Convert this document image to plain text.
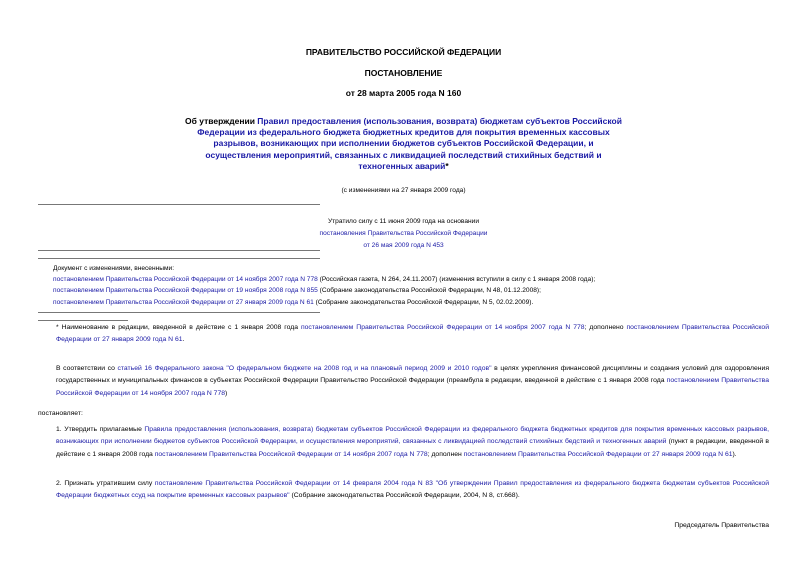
ПРАВИТЕЛЬСТВО РОССИЙСКОЙ ФЕДЕРАЦИИ
ПОСТАНОВЛЕНИЕ
от 28 марта 2005 года N 160
Об утверждении Правил предоставления (использования, возврата) бюджетам субъектов Российской Федерации из федерального бюджета бюджетных кредитов для покрытия временных кассовых разрывов, возникающих при исполнении бюджетов субъектов Российской Федерации, и осуществления мероприятий, связанных с ликвидацией последствий стихийных бедствий и техногенных аварий*
(с изменениями на 27 января 2009 года)
Утратило силу с 11 июня 2009 года на основании
постановления Правительства Российской Федерации
от 26 мая 2009 года N 453
Документ с изменениями, внесенными:
постановлением Правительства Российской Федерации от 14 ноября 2007 года N 778 (Российская газета, N 264, 24.11.2007) (изменения вступили в силу с 1 января 2008 года);
постановлением Правительства Российской Федерации от 19 ноября 2008 года N 855 (Собрание законодательства Российской Федерации, N 48, 01.12.2008);
постановлением Правительства Российской Федерации от 27 января 2009 года N 61 (Собрание законодательства Российской Федерации, N 5, 02.02.2009).

* Наименование в редакции, введенной в действие с 1 января 2008 года постановлением Правительства Российской Федерации от 14 ноября 2007 года N 778; дополнено постановлением Правительства Российской Федерации от 27 января 2009 года N 61.

В соответствии со статьей 16 Федерального закона "О федеральном бюджете на 2008 год и на плановый период 2009 и 2010 годов" в целях укрепления финансовой дисциплины и создания условий для оздоровления государственных и муниципальных финансов в субъектах Российской Федерации Правительство Российской Федерации (преамбула в редакции, введенной в действие с 1 января 2008 года постановлением Правительства Российской Федерации от 14 ноября 2007 года N 778)

постановляет:

1. Утвердить прилагаемые Правила предоставления (использования, возврата) бюджетам субъектов Российской Федерации из федерального бюджета бюджетных кредитов для покрытия временных кассовых разрывов, возникающих при исполнении бюджетов субъектов Российской Федерации, и осуществления мероприятий, связанных с ликвидацией последствий стихийных бедствий и техногенных аварий (пункт в редакции, введенной в действие с 1 января 2008 года постановлением Правительства Российской Федерации от 14 ноября 2007 года N 778; дополнен постановлением Правительства Российской Федерации от 27 января 2009 года N 61).

2. Признать утратившим силу постановление Правительства Российской Федерации от 14 февраля 2004 года N 83 "Об утверждении Правил предоставления из федерального бюджета бюджетам субъектов Российской Федерации бюджетных ссуд на покрытие временных кассовых разрывов" (Собрание законодательства Российской Федерации, 2004, N 8, ст.668).

Председатель Правительства
